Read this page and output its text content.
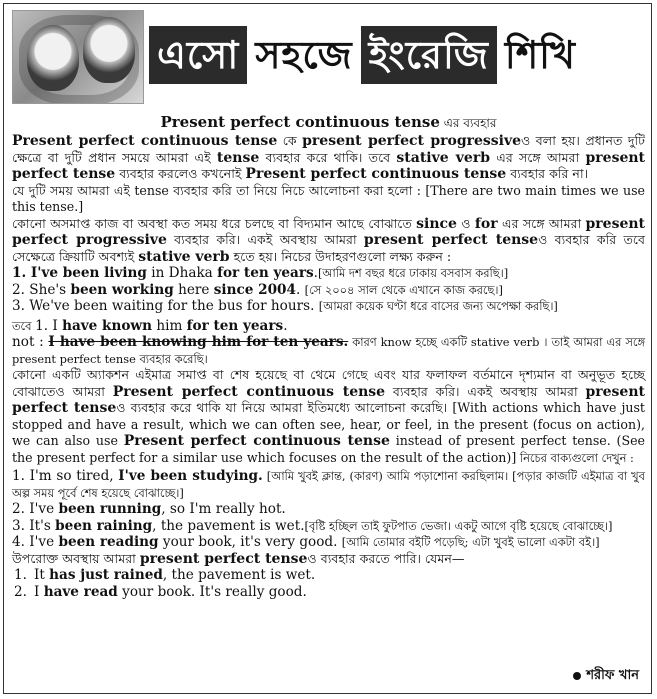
এসো সহজে ইংরেজি শিখি

Present perfect continuous tense এর ব্যবহার

Present perfect continuous tense কে present perfect progressiveও বলা হয়। প্রধানত দুটি ক্ষেত্রে বা দুটি প্রধান সময়ে আমরা এই tense ব্যবহার করে থাকি। তবে stative verb এর সঙ্গে আমরা present perfect tense ব্যবহার করলেও কখনোই Present perfect continuous tense ব্যবহার করি না।

যে দুটি সময় আমরা এই tense ব্যবহার করি তা নিয়ে নিচে আলোচনা করা হলো : [There are two main times we use this tense.]

কোনো অসমাপ্ত কাজ বা অবস্থা কত সময় ধরে চলছে বা বিদ্যমান আছে বোঝাতে since ও for এর সঙ্গে আমরা present perfect progressive ব্যবহার করি। একই অবস্থায় আমরা present perfect tenseও ব্যবহার করি তবে সেক্ষেত্রে ক্রিয়াটি অবশ্যই stative verb হতে হয়। নিচের উদাহরণগুলো লক্ষ্য করুন :

1. I've been living in Dhaka for ten years.[আমি দশ বছর ধরে ঢাকায় বসবাস করছি।]
2. She's been working here since 2004. [সে ২০০৪ সাল থেকে এখানে কাজ করছে।]
3. We've been waiting for the bus for hours. [আমরা কয়েক ঘণ্টা ধরে বাসের জন্য অপেক্ষা করছি।]

তবে 1. I have known him for ten years.

not : I have been knowing him for ten years. কারণ know হচ্ছে একটি stative verb । তাই আমরা এর সঙ্গে present perfect tense ব্যবহার করেছি।

কোনো একটি অ্যাকশন এইমাত্র সমাপ্ত বা শেষ হয়েছে বা থেমে গেছে এবং যার ফলাফল বর্তমানে দৃশ্যমান বা অনুভূত হচ্ছে বোঝাতেও আমরা Present perfect continuous tense ব্যবহার করি। একই অবস্থায় আমরা present perfect tenseও ব্যবহার করে থাকি যা নিয়ে আমরা ইতিমধ্যে আলোচনা করেছি। [With actions which have just stopped and have a result, which we can often see, hear, or feel, in the present (focus on action), we can also use Present perfect continuous tense instead of present perfect tense. (See the present perfect for a similar use which focuses on the result of the action)] নিচের বাক্যগুলো দেখুন :

1. I'm so tired, I've been studying. [আমি খুবই ক্লান্ত, (কারণ) আমি পড়াশোনা করছিলাম। [পড়ার কাজটি এইমাত্র বা খুব অল্প সময় পূর্বে শেষ হয়েছে বোঝাচ্ছে।]
2. I've been running, so I'm really hot.
3. It's been raining, the pavement is wet.[বৃষ্টি হচ্ছিল তাই ফুটপাত ভেজা। একটু আগে বৃষ্টি হয়েছে বোঝাচ্ছে।]
4. I've been reading your book, it's very good. [আমি তোমার বইটি পড়েছি; এটা খুবই ভালো একটা বই।]

উপরোক্ত অবস্থায় আমরা present perfect tenseও ব্যবহার করতে পারি। যেমন—

1. It has just rained, the pavement is wet.
2. I have read your book. It's really good.
শরীফ খান
